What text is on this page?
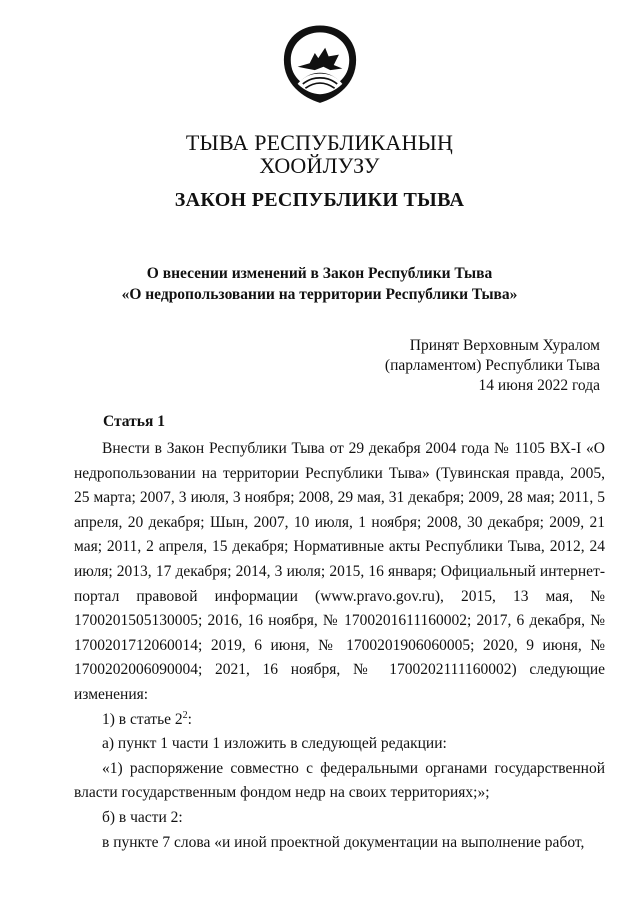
ТЫВА РЕСПУБЛИКАНЫҢ
ХООЙЛУЗУ
ЗАКОН РЕСПУБЛИКИ ТЫВА
О внесении изменений в Закон Республики Тыва
«О недропользовании на территории Республики Тыва»
Принят Верховным Хуралом
(парламентом) Республики Тыва
14 июня 2022 года
Статья 1

Внести в Закон Республики Тыва от 29 декабря 2004 года № 1105 ВХ-I «О недропользовании на территории Республики Тыва» (Тувинская правда, 2005, 25 марта; 2007, 3 июля, 3 ноября; 2008, 29 мая, 31 декабря; 2009, 28 мая; 2011, 5 апреля, 20 декабря; Шын, 2007, 10 июля, 1 ноября; 2008, 30 декабря; 2009, 21 мая; 2011, 2 апреля, 15 декабря; Нормативные акты Республики Тыва, 2012, 24 июля; 2013, 17 декабря; 2014, 3 июля; 2015, 16 января; Официальный интернет-портал правовой информации (www.pravo.gov.ru), 2015, 13 мая, № 1700201505130005; 2016, 16 ноября, № 1700201611160002; 2017, 6 декабря, № 1700201712060014; 2019, 6 июня, № 1700201906060005; 2020, 9 июня, № 1700202006090004; 2021, 16 ноября, № 1700202111160002) следующие изменения:

1) в статье $2^2$:

а) пункт 1 части 1 изложить в следующей редакции:

«1) распоряжение совместно с федеральными органами государственной власти государственным фондом недр на своих территориях;»;

б) в части 2:

в пункте 7 слова «и иной проектной документации на выполнение работ,
